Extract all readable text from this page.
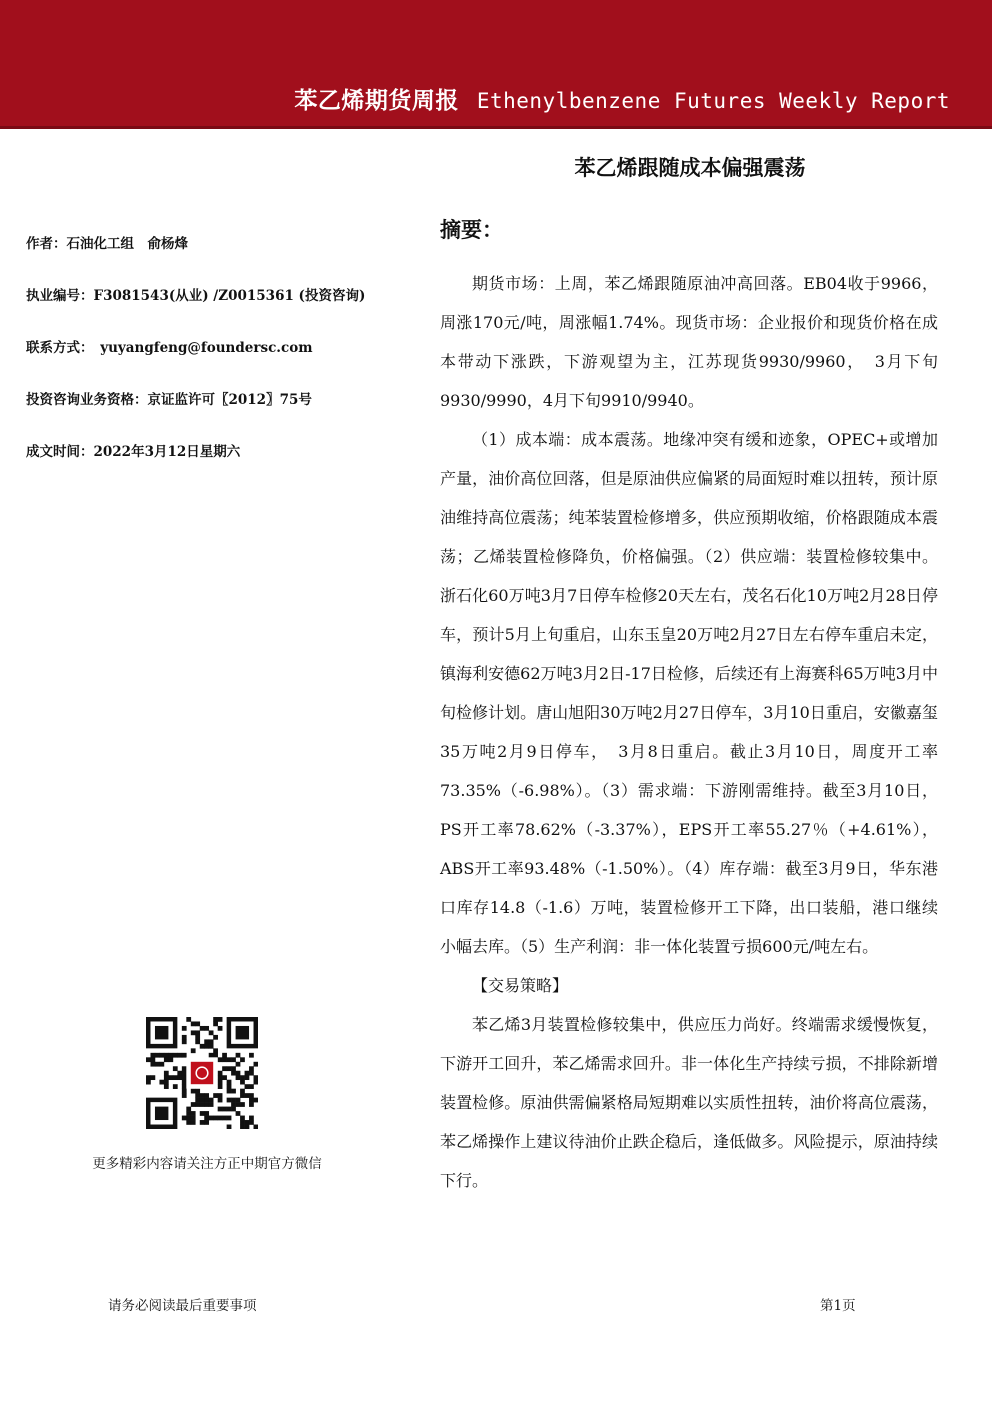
苯乙烯期货周报 Ethenylbenzene Futures Weekly Report
苯乙烯跟随成本偏强震荡
作者：石油化工组　俞杨烽
执业编号：F3081543(从业) /Z0015361 (投资咨询)
联系方式：　yuyangfeng@foundersc.com
投资咨询业务资格：京证监许可〖2012〗75号
成文时间：2022年3月12日星期六
更多精彩内容请关注方正中期官方微信
摘要：

期货市场：上周，苯乙烯跟随原油冲高回落。EB04收于9966，周涨170元/吨，周涨幅1.74%。现货市场：企业报价和现货价格在成本带动下涨跌，下游观望为主，江苏现货9930/9960，　3月下旬9930/9990，4月下旬9910/9940。

（1）成本端：成本震荡。地缘冲突有缓和迹象，OPEC+或增加产量，油价高位回落，但是原油供应偏紧的局面短时难以扭转，预计原油维持高位震荡；纯苯装置检修增多，供应预期收缩，价格跟随成本震荡；乙烯装置检修降负，价格偏强。（2）供应端：装置检修较集中。浙石化60万吨3月7日停车检修20天左右，茂名石化10万吨2月28日停车，预计5月上旬重启，山东玉皇20万吨2月27日左右停车重启未定，镇海利安德62万吨3月2日-17日检修，后续还有上海赛科65万吨3月中旬检修计划。唐山旭阳30万吨2月27日停车，3月10日重启，安徽嘉玺35万吨2月9日停车，　3月8日重启。截止3月10日，周度开工率73.35%（-6.98%）。（3）需求端：下游刚需维持。截至3月10日，PS开工率78.62%（-3.37%），EPS开工率55.27％（+4.61%），ABS开工率93.48%（-1.50%）。（4）库存端：截至3月9日，华东港口库存14.8（-1.6）万吨，装置检修开工下降，出口装船，港口继续小幅去库。（5）生产利润：非一体化装置亏损600元/吨左右。

【交易策略】

苯乙烯3月装置检修较集中，供应压力尚好。终端需求缓慢恢复，下游开工回升，苯乙烯需求回升。非一体化生产持续亏损，不排除新增装置检修。原油供需偏紧格局短期难以实质性扭转，油价将高位震荡，苯乙烯操作上建议待油价止跌企稳后，逢低做多。风险提示，原油持续下行。

请务必阅读最后重要事项	第1页
